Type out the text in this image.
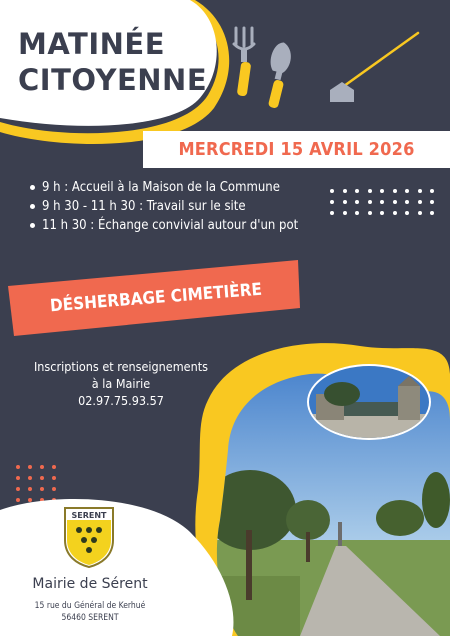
MATINÉE
CITOYENNE
MERCREDI 15 AVRIL 2026
9 h : Accueil à la Maison de la Commune
9 h 30 - 11 h 30 : Travail sur le site
11 h 30 : Échange convivial autour d'un pot
DÉSHERBAGE CIMETIÈRE
Inscriptions et renseignements
à la Mairie
02.97.75.93.57
SERENT
Mairie de Sérent
15 rue du Général de Kerhué
56460 SERENT
